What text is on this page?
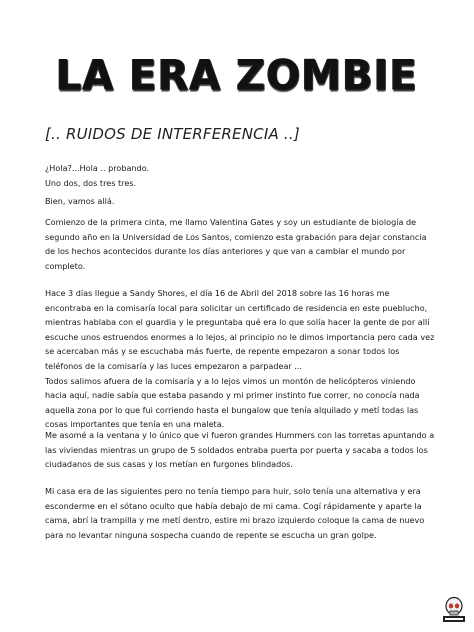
LA ERA ZOMBIE
[.. RUIDOS DE INTERFERENCIA ..]

¿Hola?...Hola .. probando.
Uno dos, dos tres tres.

Bien, vamos allá.

Comienzo de la primera cinta, me llamo Valentina Gates y soy un estudiante de biología de segundo año en la Universidad de Los Santos, comienzo esta grabación para dejar constancia de los hechos acontecidos durante los días anteriores y que van a cambiar el mundo por completo.

Hace 3 días llegue a Sandy Shores, el día 16 de Abril del 2018 sobre las 16 horas me encontraba en la comisaría local para solicitar un certificado de residencia en este pueblucho, mientras hablaba con el guardia y le preguntaba qué era lo que solía hacer la gente de por allí escuche unos estruendos enormes a lo lejos, al principio no le dimos importancia pero cada vez se acercaban más y se escuchaba más fuerte, de repente empezaron a sonar todos los teléfonos de la comisaría y las luces empezaron a parpadear ...
Todos salimos afuera de la comisaría y a lo lejos vimos un montón de helicópteros viniendo hacia aquí, nadie sabía que estaba pasando y mi primer instinto fue correr, no conocía nada aquella zona por lo que fui corriendo hasta el bungalow que tenía alquilado y metí todas las cosas importantes que tenía en una maleta.

Me asomé a la ventana y lo único que vi fueron grandes Hummers con las torretas apuntando a las viviendas mientras un grupo de 5 soldados entraba puerta por puerta y sacaba a todos los ciudadanos de sus casas y los metían en furgones blindados.

Mi casa era de las siguientes pero no tenía tiempo para huir, solo tenía una alternativa y era esconderme en el sótano oculto que había debajo de mi cama. Cogí rápidamente y aparte la cama, abrí la trampilla y me metí dentro, estire mi brazo izquierdo coloque la cama de nuevo para no levantar ninguna sospecha cuando de repente se escucha un gran golpe.
